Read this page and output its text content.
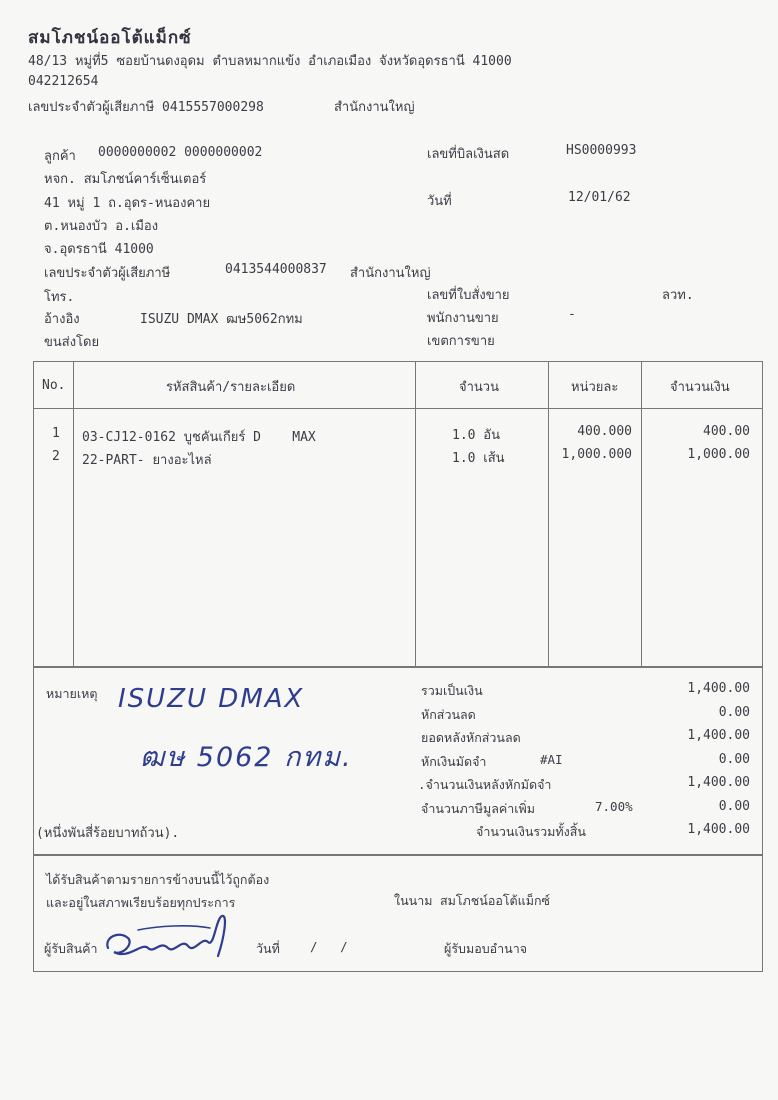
สมโภชน์ออโต้แม็กซ์
48/13 หมู่ที่5 ซอยบ้านดงอุดม ตำบลหมากแข้ง อำเภอเมือง จังหวัดอุดรธานี 41000
042212654
เลขประจำตัวผู้เสียภาษี 0415557000298	สำนักงานใหญ่
ลูกค้า 0000000002 0000000002
หจก. สมโภชน์คาร์เซ็นเตอร์
41 หมู่ 1 ถ.อุดร-หนองคาย
ต.หนองบัว อ.เมือง
จ.อุดรธานี 41000
เลขประจำตัวผู้เสียภาษี	0413544000837 สำนักงานใหญ่
โทร.
อ้างอิง	ISUZU DMAX ฒษ5062กทม
ขนส่งโดย
เลขที่บิลเงินสด	HS0000993
วันที่	12/01/62
เลขที่ใบสั่งขาย	ลวท.
พนักงานขาย	-
เขตการขาย
No.	รหัสสินค้า/รายละเอียด	จำนวน	หน่วยละ	จำนวนเงิน
1 03-CJ12-0162 บูชคันเกียร์ D    MAX	1.0 อัน	400.000	400.00
2 22-PART- ยางอะไหล่	1.0 เส้น	1,000.000	1,000.00
หมายเหตุ ISUZU DMAX
ฒษ 5062 กทม.
(หนึ่งพันสี่ร้อยบาทถ้วน).
รวมเป็นเงิน	1,400.00
หักส่วนลด	0.00
ยอดหลังหักส่วนลด	1,400.00
หักเงินมัดจำ	#AI	0.00
.จำนวนเงินหลังหักมัดจำ	1,400.00
จำนวนภาษีมูลค่าเพิ่ม	7.00%	0.00
จำนวนเงินรวมทั้งสิ้น	1,400.00
ได้รับสินค้าตามรายการข้างบนนี้ไว้ถูกต้อง
และอยู่ในสภาพเรียบร้อยทุกประการ	ในนาม สมโภชน์ออโต้แม็กซ์
ผู้รับสินค้า	วันที่ /   /	ผู้รับมอบอำนาจ
